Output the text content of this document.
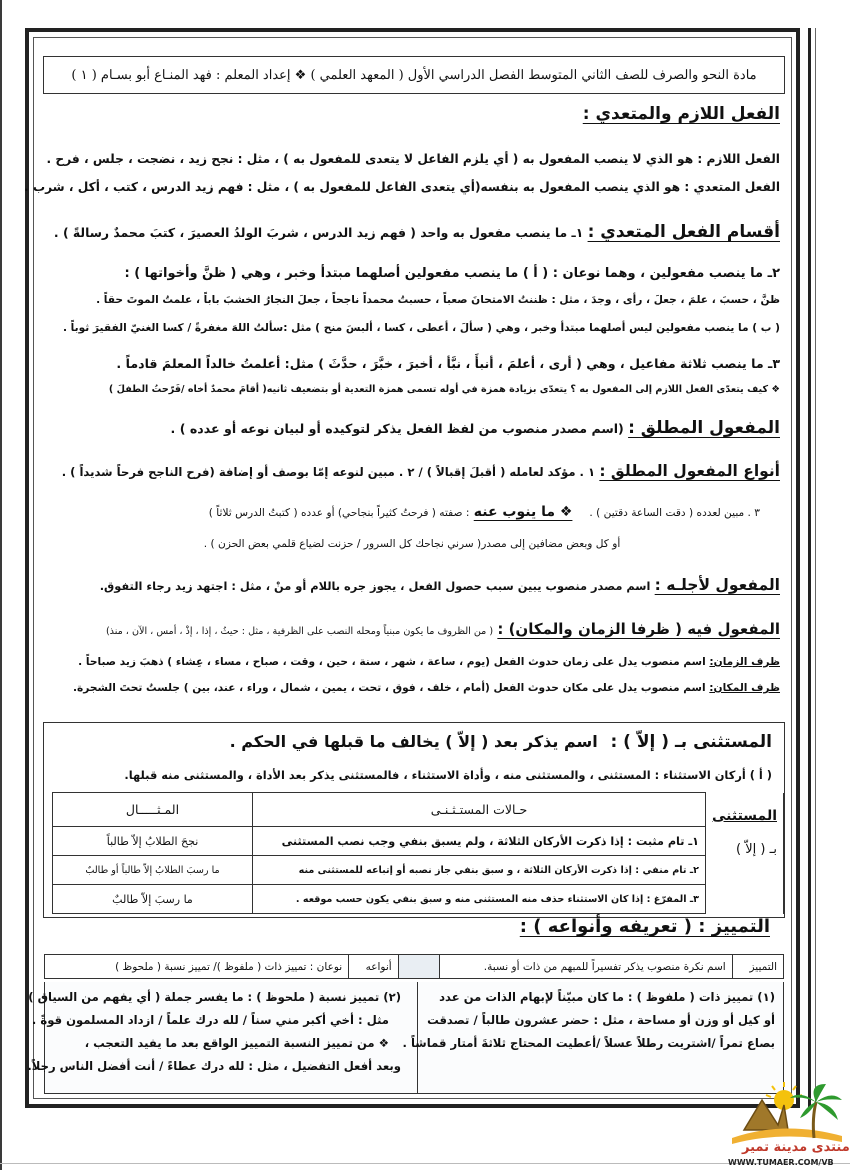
مادة النحو والصرف للصف الثاني المتوسط الفصل الدراسي الأول ( المعهد العلمي ) ❖ إعداد المعلم : فهد المنـاع أبو بسـام ( ١ )
الفعل اللازم والمتعدي :
الفعل اللازم : هو الذي لا ينصب المفعول به ( أي يلزم الفاعل لا يتعدى للمفعول به ) ، مثل : نجح زيد ، نضجت ، جلس ، فرح .
الفعل المتعدي : هو الذي ينصب المفعول به بنفسه(أي يتعدى الفاعل للمفعول به ) ، مثل : فهم زيد الدرس ، كتب ، أكل ، شرب .
أقسام الفعل المتعدي : ١ـ ما ينصب مفعول به واحد ( فهم زيد الدرس ، شربَ الولدُ العصيرَ ، كتبَ محمدٌ رسالةً ) .
٢ـ ما ينصب مفعولين ، وهما نوعان : ( أ ) ما ينصب مفعولين أصلهما مبتدأ وخبر ، وهي ( ظنَّ وأخواتها ) :
ظنَّ ، حسبَ ، علمَ ، جعلَ ، رأى ، وجدَ ، مثل : ظننتُ الامتحانَ صعباً ، حسبتُ محمداً ناجحاً ، جعلَ النجارُ الخشبَ باباً ، علمتُ الموتَ حقاً .
( ب ) ما ينصب مفعولين ليس أصلهما مبتدأ وخبر ، وهي ( سألَ ، أعطى ، كسا ، ألبسَ منح ) مثل :سألتُ اللهَ مغفرةً / كسا الغنيّ الفقيرَ ثوباً .
٣ـ ما ينصب ثلاثة مفاعيل ، وهي ( أرى ، أعلمَ ، أنبأَ ، نبَّأ ، أخبرَ ، خبَّرَ ، حدَّثَ ) مثل: أعلمتُ خالداً المعلمَ قادماً .
❖ كيف يتعدّى الفعل اللازم إلى المفعول به ؟ يتعدّى بزيادة همزة في أوله تسمى همزة التعدية أو بتضعيف ثانيه( أقامَ محمدٌ أخاه /فَرّحتُ الطفلَ )
المفعول المطلق : (اسم مصدر منصوب من لفظ الفعل يذكر لتوكيده أو لبيان نوعه أو عدده ) .
أنواع المفعول المطلق : ١ . مؤكد لعامله ( أقبلَ إقبالاً ) / ٢ . مبين لنوعه إمّا بوصف أو إضافة (فرح الناجح فرحاً شديداً ) .
٣ . مبين لعدده ( دقت الساعة دقتين ) .    ❖ ما ينوب عنه : صفته ( فرحتُ كثيراً بنجاحي) أو عدده ( كتبتُ الدرس ثلاثاً )
أو كل وبعض مضافين إلى مصدر( سرني نجاحك كل السرور / حزنت لضياع قلمي بعض الحزن ) .
المفعول لأجلـه : اسم مصدر منصوب يبين سبب حصول الفعل ، يجوز جره باللام أو منْ ، مثل : اجتهد زيد رجاء التفوق.
المفعول فيه ( ظرفا الزمان والمكان) : ( من الظروف ما يكون مبنياً ومحله النصب على الظرفية ، مثل : حيثُ ، إذا ، إذْ ، أمس ، الآن ، منذ)
ظرف الزمان: اسم منصوب يدل على زمان حدوث الفعل (يوم ، ساعة ، شهر ، سنة ، حين ، وقت ، صباح ، مساء ، عِشاء ) ذهبَ زيد صباحاً .
ظرف المكان: اسم منصوب يدل على مكان حدوث الفعل (أمام ، خلف ، فوق ، تحت ، يمين ، شمال ، وراء ، عند، بين ) جلستُ تحتَ الشجرة.
المستثنى بـ ( إلاّ ) :   اسم يذكر بعد ( إلاّ ) يخالف ما قبلها في الحكم .
( أ ) أركان الاستثناء : المستثنى ، والمستثنى منه ، وأداة الاستثناء ، فالمستثنى يذكر بعد الأداة ، والمستثنى منه قبلها.
المستثنى
بـ ( إلاّ )	حـالات المستـثـنـى	المـثـــــال
	١ـ تام مثبت : إذا ذكرت الأركان الثلاثة ، ولم يسبق بنفي وجب نصب المستثنى	نجحَ الطلابُ إلاّ طالباً
	٢ـ تام منفي : إذا ذكرت الأركان الثلاثة ، و سبق بنفي جاز نصبه أو إتباعه للمستثنى منه	ما رسبَ الطلابُ إلاّ طالباً أو طالبٌ
	٣ـ المفرّغ : إذا كان الاستثناء حذف منه المستثنى منه و سبق بنفي يكون حسب موقعه .	ما رسبَ إلاّ طالبٌ
التمييز : ( تعريفه وأنواعه ) :
التمييز	اسم نكرة منصوب يذكر تفسيراً للمبهم من ذات أو نسبة.		أنواعه	نوعان : تمييز ذات ( ملفوظ )/ تمييز نسبة ( ملحوظ )
(١) تمييز ذات ( ملفوظ ) : ما كان مبيّناً لإبهام الذات من عدد
أو كيل أو وزن أو مساحة ، مثل : حضر عشرون طالباً / تصدقت
بصاع تمراً /اشتريت رطلاً عسلاً /أعطيت المحتاج ثلاثةَ أمتار قماشاً .
(٢) تمييز نسبة ( ملحوظ ) : ما يفسر جملة ( أي يفهم من السياق )
مثل : أخي أكبر مني سناً / لله درك علماً / ازداد المسلمون قوةً .
❖ من تمييز النسبة التمييز الواقع بعد ما يفيد التعجب ،
وبعد أفعل التفضيل ، مثل : لله درك عطاءً / أنت أفضل الناس رجلاً.
منتدى مدينة تمير
WWW.TUMAER.COM/VB
